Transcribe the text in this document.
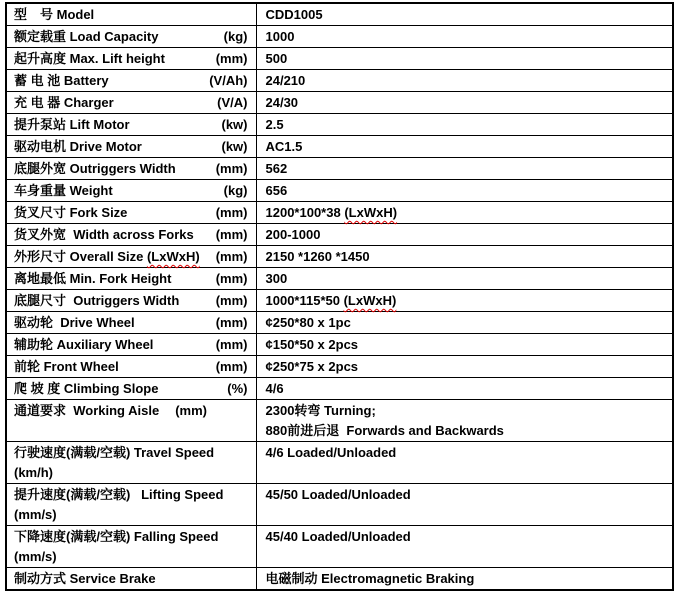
型　号 Model	CDD1005

额定载重 Load Capacity (kg)	1000

起升高度 Max. Lift height (mm)	500

蓄 电 池 Battery (V/Ah)	24/210

充 电 器 Charger (V/A)	24/30

提升泵站 Lift Motor (kw)	2.5

驱动电机 Drive Motor (kw)	AC1.5

底腿外宽 Outriggers Width (mm)	562

车身重量 Weight (kg)	656

货叉尺寸 Fork Size (mm)	1200*100*38 (LxWxH)

货叉外宽  Width across Forks (mm)	200-1000

外形尺寸 Overall Size (LxWxH) (mm)	2150 *1260 *1450

离地最低 Min. Fork Height (mm)	300

底腿尺寸  Outriggers Width (mm)	1000*115*50 (LxWxH)

驱动轮  Drive Wheel (mm)	¢250*80 x 1pc

辅助轮 Auxiliary Wheel (mm)	¢150*50 x 2pcs

前轮 Front Wheel (mm)	¢250*75 x 2pcs

爬 坡 度 Climbing Slope (%)	4/6

通道要求  Working Aisle (mm)	2300转弯 Turning;
880前进后退  Forwards and Backwards

行驶速度(满载/空载) Travel Speed (km/h)	4/6 Loaded/Unloaded

提升速度(满载/空载)   Lifting Speed
(mm/s)	45/50 Loaded/Unloaded

下降速度(满载/空载) Falling Speed
(mm/s)	45/40 Loaded/Unloaded

制动方式 Service Brake	电磁制动 Electromagnetic Braking
